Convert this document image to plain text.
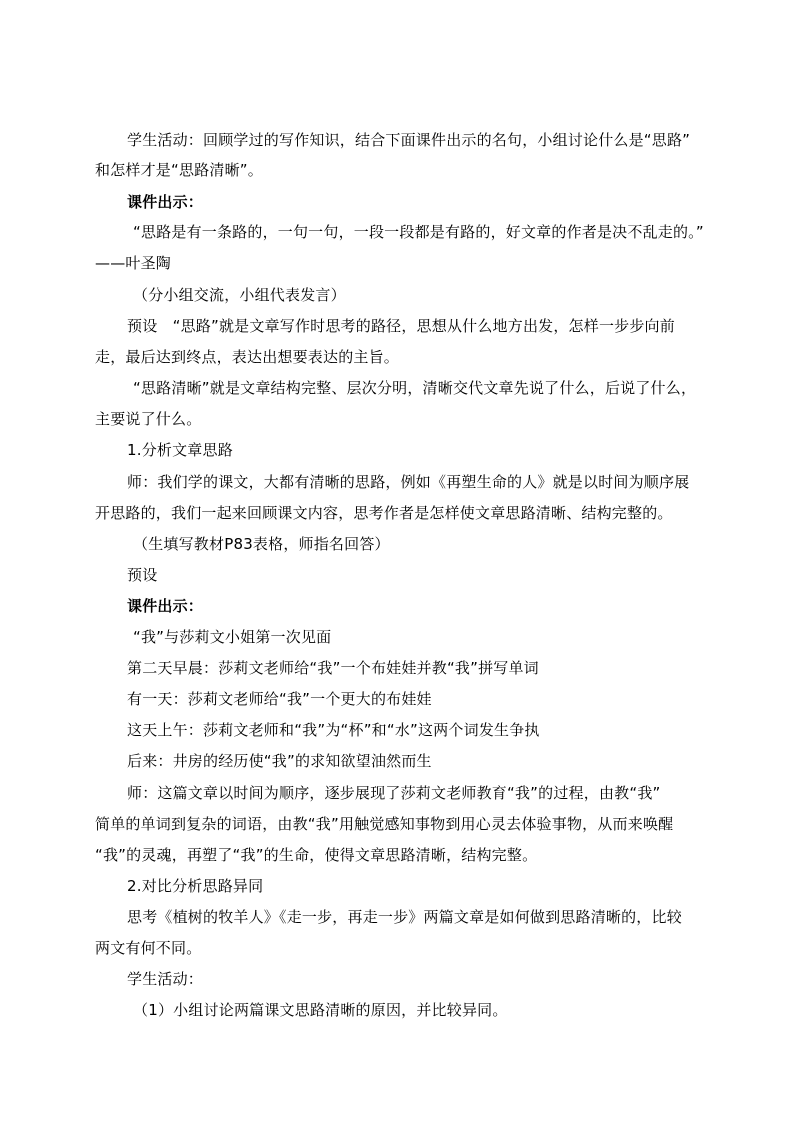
学生活动：回顾学过的写作知识，结合下面课件出示的名句，小组讨论什么是“思路”
和怎样才是“思路清晰”。
课件出示：
“思路是有一条路的，一句一句，一段一段都是有路的，好文章的作者是决不乱走的。”
——叶圣陶
（分小组交流，小组代表发言）
预设　“思路”就是文章写作时思考的路径，思想从什么地方出发，怎样一步步向前
走，最后达到终点，表达出想要表达的主旨。
“思路清晰”就是文章结构完整、层次分明，清晰交代文章先说了什么，后说了什么，
主要说了什么。
1.分析文章思路
师：我们学的课文，大都有清晰的思路，例如《再塑生命的人》就是以时间为顺序展
开思路的，我们一起来回顾课文内容，思考作者是怎样使文章思路清晰、结构完整的。
（生填写教材P83表格，师指名回答）
预设
课件出示：
“我”与莎莉文小姐第一次见面
第二天早晨：莎莉文老师给“我”一个布娃娃并教“我”拼写单词
有一天：莎莉文老师给“我”一个更大的布娃娃
这天上午：莎莉文老师和“我”为“杯”和“水”这两个词发生争执
后来：井房的经历使“我”的求知欲望油然而生
师：这篇文章以时间为顺序，逐步展现了莎莉文老师教育“我”的过程，由教“我”
简单的单词到复杂的词语，由教“我”用触觉感知事物到用心灵去体验事物，从而来唤醒
“我”的灵魂，再塑了“我”的生命，使得文章思路清晰，结构完整。
2.对比分析思路异同
思考《植树的牧羊人》《走一步，再走一步》两篇文章是如何做到思路清晰的，比较
两文有何不同。
学生活动：
（1）小组讨论两篇课文思路清晰的原因，并比较异同。
